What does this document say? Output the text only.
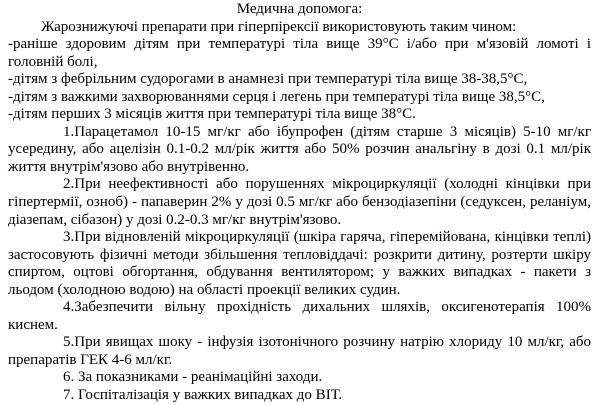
Медична допомога:

Жарознижуючі препарати при гіперпірексії використовують таким чином:

-раніше здоровим дітям при температурі тіла вище 39°С і/або при м'язовій ломоті і головній болі,

-дітям з фебрільним судорогами в анамнезі при температурі тіла вище 38-38,5°С,

-дітям з важкими захворюваннями серця і легень при температурі тіла вище 38,5°С,

-дітям перших 3 місяців життя при температурі тіла вище 38°С.

1.Парацетамол 10-15 мг/кг або ібупрофен (дітям старше 3 місяців) 5-10 мг/кг усередину, або ацелізін 0.1-0.2 мл/рік життя або 50% розчин анальгіну в дозі 0.1 мл/рік життя внутрім'язово або внутрівенно.

2.При неефективності або порушеннях мікроциркуляції (холодні кінцівки при гіпертермії, озноб) - папаверин 2% у дозі 0.5 мг/кг або бензодіазепіни (седуксен, реланіум, діазепам, сібазон) у дозі 0.2-0.3 мг/кг внутрім'язово.

3.При відновленій мікроциркуляції (шкіра гаряча, гіперемійована, кінцівки теплі) застосовують фізичні методи збільшення тепловіддачі: розкрити дитину, розтерти шкіру спиртом, оцтові обгортання, обдування вентилятором; у важких випадках - пакети з льодом (холодною водою) на області проекції великих судин.

4.Забезпечити вільну прохідність дихальних шляхів, оксигенотерапія 100% киснем.

5.При явищах шоку - інфузія ізотонічного розчину натрію хлориду 10 мл/кг, або препаратів ГЕК 4-6 мл/кг.

6. За показниками - реанімаційні заходи.

7. Госпіталізація у важких випадках до ВІТ.
